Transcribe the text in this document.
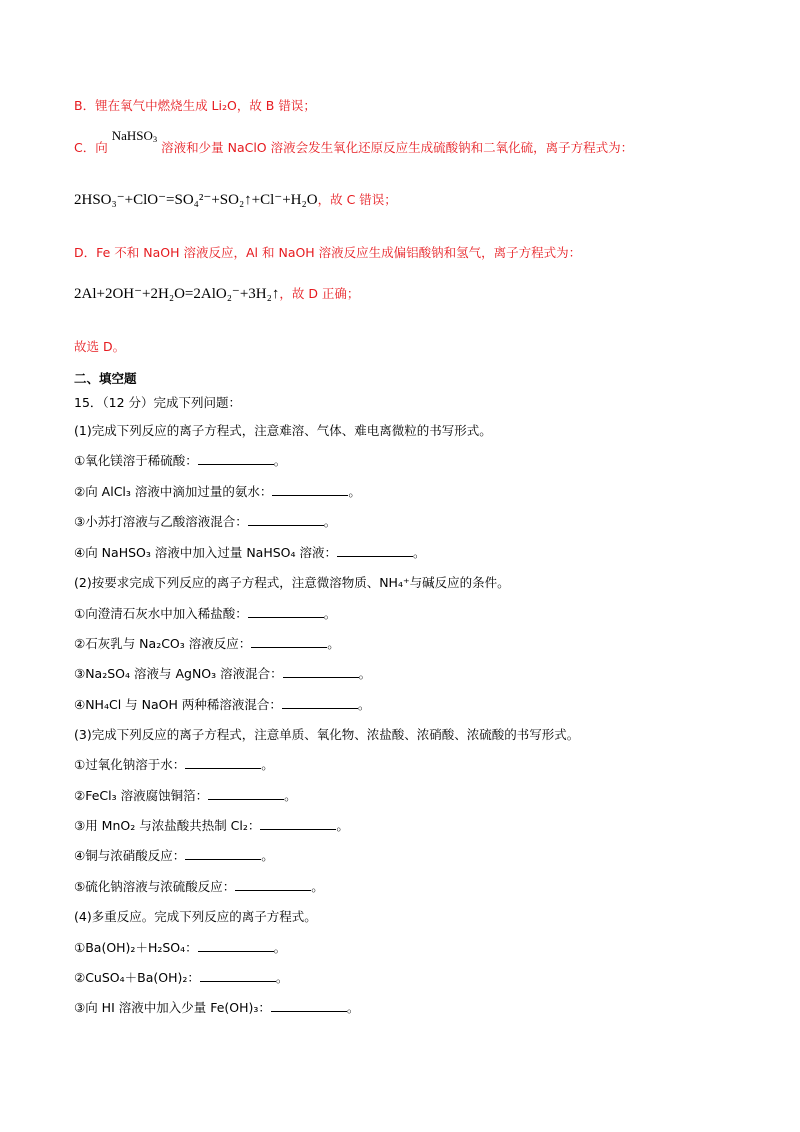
B．锂在氧气中燃烧生成 Li₂O，故 B 错误；
C．向 NaHSO$_3$ 溶液和少量 NaClO 溶液会发生氧化还原反应生成硫酸钠和二氧化硫，离子方程式为：
2HSO₃⁻+ClO⁻=SO₄²⁻+SO₂↑+Cl⁻+H₂O，故 C 错误；
D．Fe 不和 NaOH 溶液反应，Al 和 NaOH 溶液反应生成偏铝酸钠和氢气，离子方程式为：
2Al+2OH⁻+2H₂O=2AlO₂⁻+3H₂↑，故 D 正确；
故选 D。
二、填空题
15．（12 分）完成下列问题：
(1)完成下列反应的离子方程式，注意难溶、气体、难电离微粒的书写形式。
①氧化镁溶于稀硫酸：	。
②向 AlCl₃ 溶液中滴加过量的氨水：	。
③小苏打溶液与乙酸溶液混合：	。
④向 NaHSO₃ 溶液中加入过量 NaHSO₄ 溶液：	。
(2)按要求完成下列反应的离子方程式，注意微溶物质、NH₄⁺与碱反应的条件。
①向澄清石灰水中加入稀盐酸：	。
②石灰乳与 Na₂CO₃ 溶液反应：	。
③Na₂SO₄ 溶液与 AgNO₃ 溶液混合：	。
④NH₄Cl 与 NaOH 两种稀溶液混合：	。
(3)完成下列反应的离子方程式，注意单质、氧化物、浓盐酸、浓硝酸、浓硫酸的书写形式。
①过氧化钠溶于水：	。
②FeCl₃ 溶液腐蚀铜箔：	。
③用 MnO₂ 与浓盐酸共热制 Cl₂：	。
④铜与浓硝酸反应：	。
⑤硫化钠溶液与浓硫酸反应：	。
(4)多重反应。完成下列反应的离子方程式。
①Ba(OH)₂＋H₂SO₄：	。
②CuSO₄＋Ba(OH)₂：	。
③向 HI 溶液中加入少量 Fe(OH)₃：	。
